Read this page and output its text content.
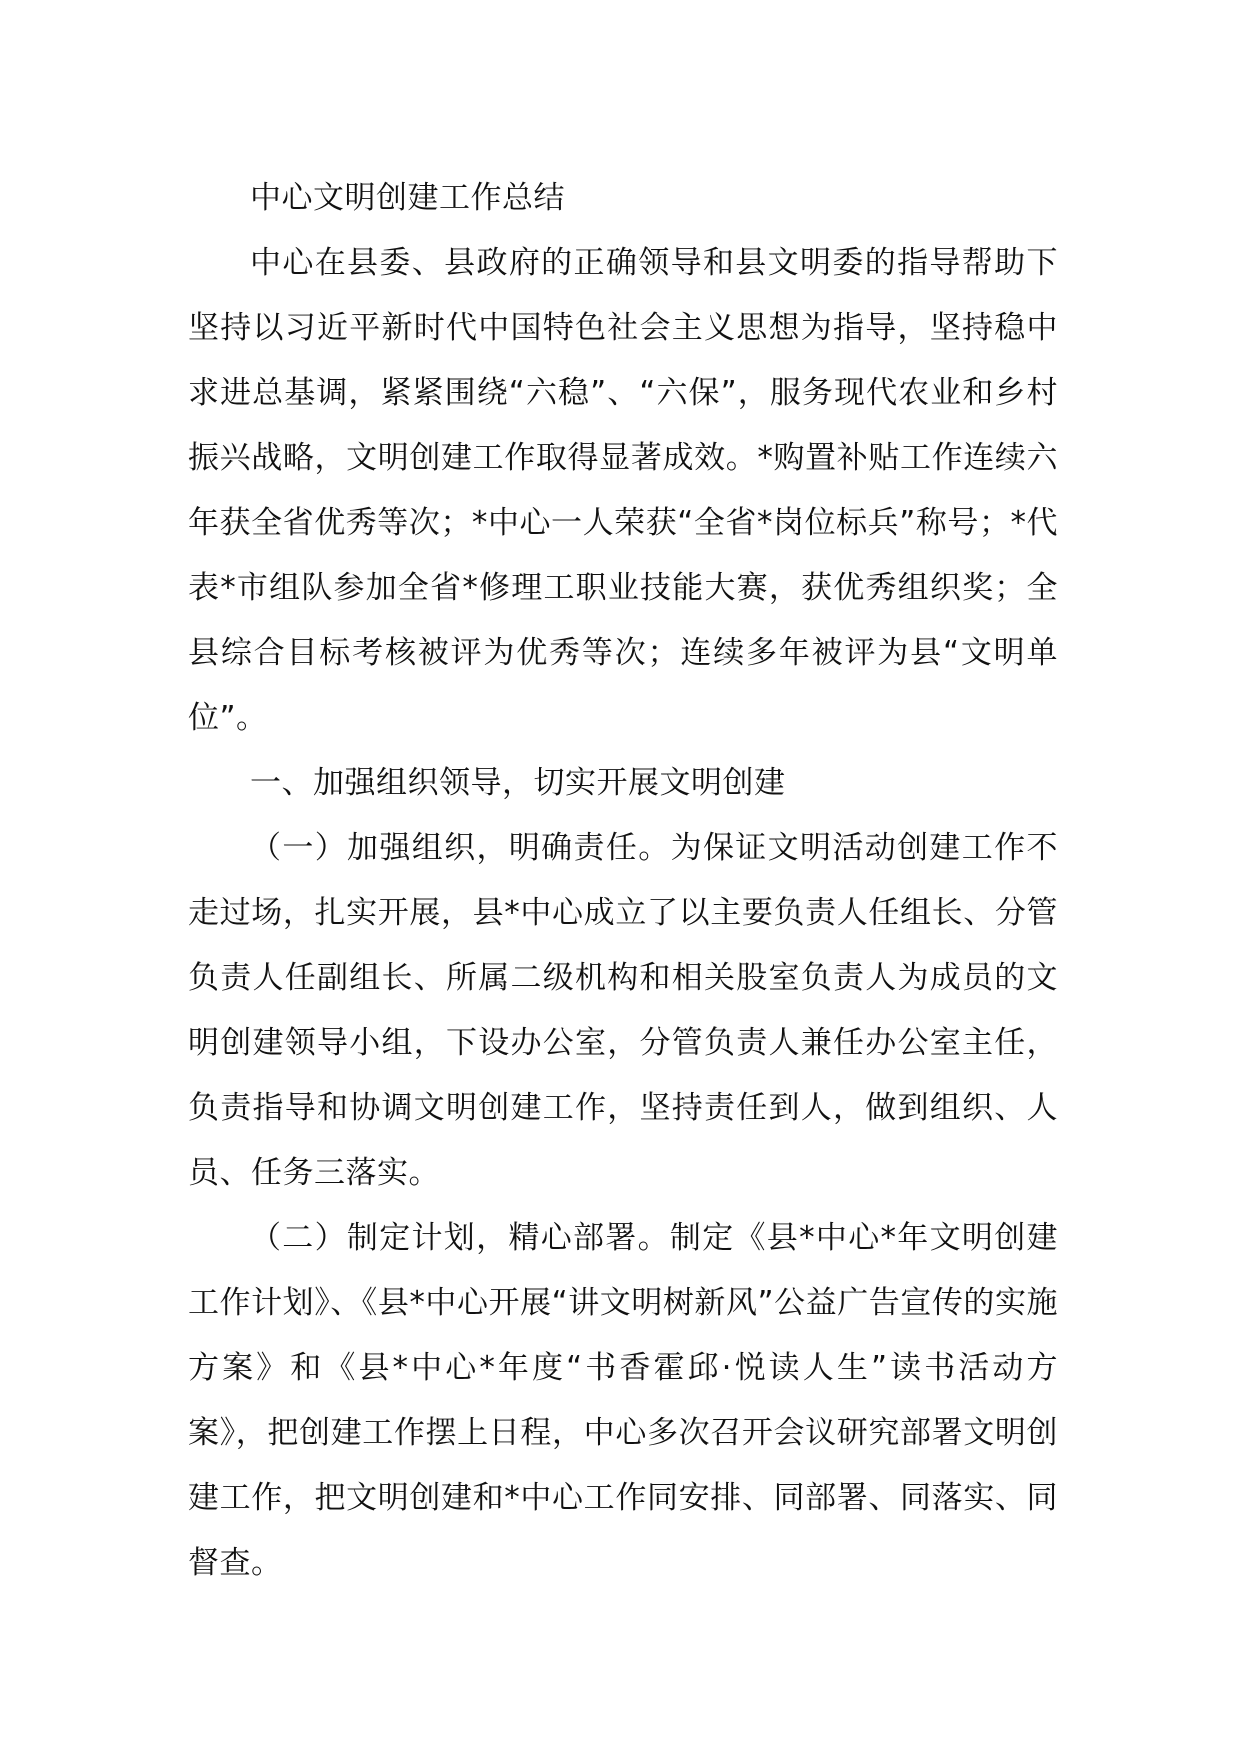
中心文明创建工作总结

中心在县委、县政府的正确领导和县文明委的指导帮助下坚持以习近平新时代中国特色社会主义思想为指导，坚持稳中求进总基调，紧紧围绕“六稳”、“六保”，服务现代农业和乡村振兴战略，文明创建工作取得显著成效。*购置补贴工作连续六年获全省优秀等次；*中心一人荣获“全省*岗位标兵”称号；*代表*市组队参加全省*修理工职业技能大赛，获优秀组织奖；全县综合目标考核被评为优秀等次；连续多年被评为县“文明单位”。

一、加强组织领导，切实开展文明创建

（一）加强组织，明确责任。为保证文明活动创建工作不走过场，扎实开展，县*中心成立了以主要负责人任组长、分管负责人任副组长、所属二级机构和相关股室负责人为成员的文明创建领导小组，下设办公室，分管负责人兼任办公室主任，负责指导和协调文明创建工作，坚持责任到人，做到组织、人员、任务三落实。

（二）制定计划，精心部署。制定《县*中心*年文明创建工作计划》、《县*中心开展“讲文明树新风”公益广告宣传的实施方案》和《县*中心*年度“书香霍邱·悦读人生”读书活动方案》，把创建工作摆上日程，中心多次召开会议研究部署文明创建工作，把文明创建和*中心工作同安排、同部署、同落实、同督查。
